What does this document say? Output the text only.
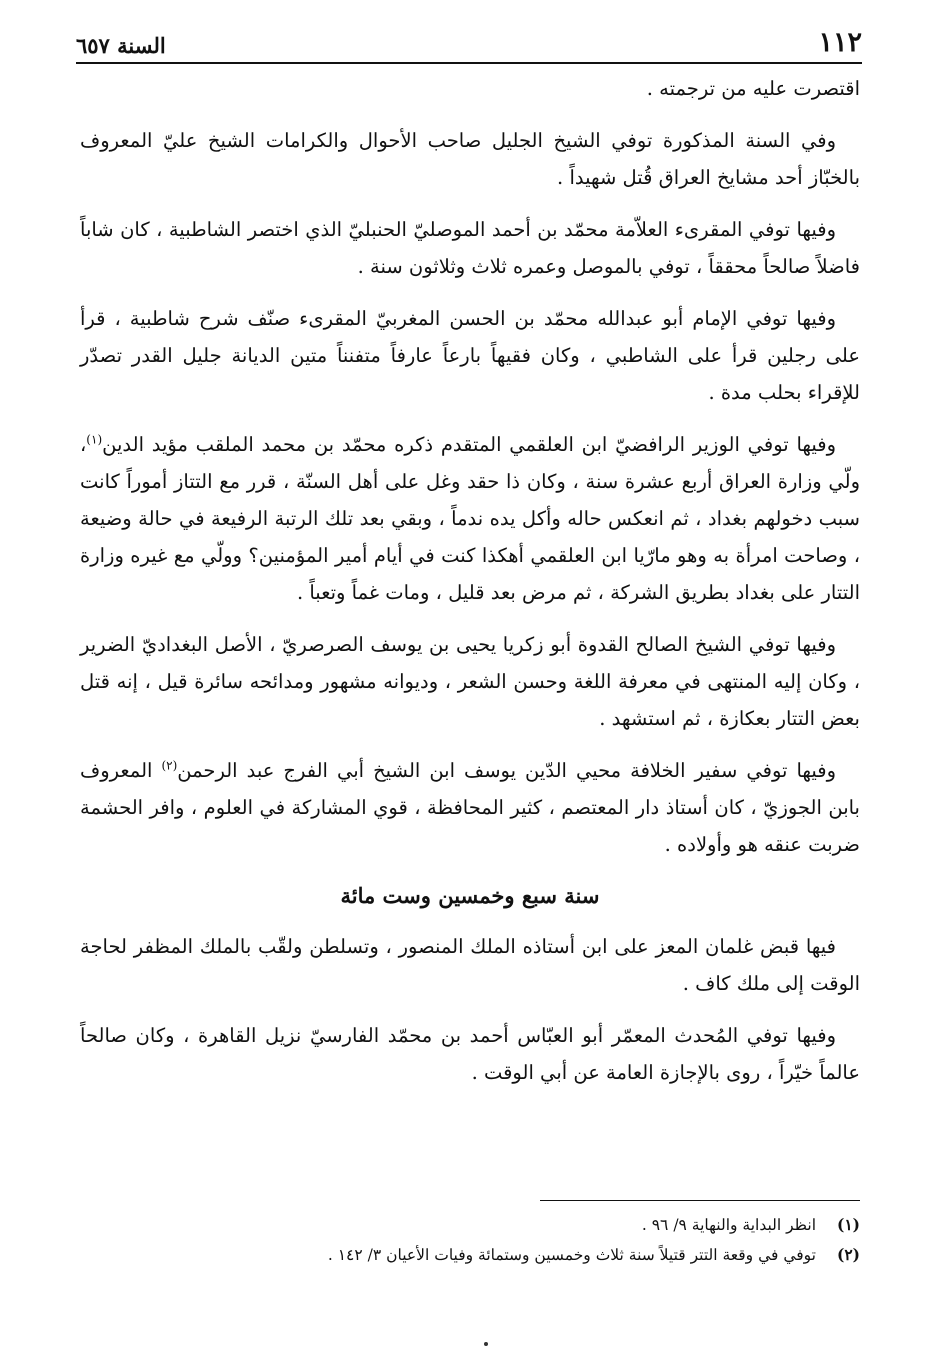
١١٢
السنة ٦٥٧

اقتصرت عليه من ترجمته .

وفي السنة المذكورة توفي الشيخ الجليل صاحب الأحوال والكرامات الشيخ عليّ المعروف بالخبّاز أحد مشايخ العراق قُتل شهيداً .

وفيها توفي المقرىء العلاّمة محمّد بن أحمد الموصليّ الحنبليّ الذي اختصر الشاطبية ، كان شاباً فاضلاً صالحاً محققاً ، توفي بالموصل وعمره ثلاث وثلاثون سنة .

وفيها توفي الإمام أبو عبدالله محمّد بن الحسن المغربيّ المقرىء صنّف شرح شاطبية ، قرأ على رجلين قرأ على الشاطبي ، وكان فقيهاً بارعاً عارفاً متفنناً متين الديانة جليل القدر تصدّر للإقراء بحلب مدة .

وفيها توفي الوزير الرافضيّ ابن العلقمي المتقدم ذكره محمّد بن محمد الملقب مؤيد الدين$^{(١)}$، ولّي وزارة العراق أربع عشرة سنة ، وكان ذا حقد وغل على أهل السنّة ، قرر مع التتاز أموراً كانت سبب دخولهم بغداد ، ثم انعكس حاله وأكل يده ندماً ، وبقي بعد تلك الرتبة الرفيعة في حالة وضيعة ، وصاحت امرأة به وهو مارّيا ابن العلقمي أهكذا كنت في أيام أمير المؤمنين؟ وولّي مع غيره وزارة التتار على بغداد بطريق الشركة ، ثم مرض بعد قليل ، ومات غماً وتعباً .

وفيها توفي الشيخ الصالح القدوة أبو زكريا يحيى بن يوسف الصرصريّ ، الأصل البغداديّ الضرير ، وكان إليه المنتهى في معرفة اللغة وحسن الشعر ، وديوانه مشهور ومدائحه سائرة قيل ، إنه قتل بعض التتار بعكازة ، ثم استشهد .

وفيها توفي سفير الخلافة محيي الدّين يوسف ابن الشيخ أبي الفرج عبد الرحمن$^{(٢)}$ المعروف بابن الجوزيّ ، كان أستاذ دار المعتصم ، كثير المحافظة ، قوي المشاركة في العلوم ، وافر الحشمة ضربت عنقه هو وأولاده .

سنة سبع وخمسين وست مائة

فيها قبض غلمان المعز على ابن أستاذه الملك المنصور ، وتسلطن ولقّب بالملك المظفر لحاجة الوقت إلى ملك كاف .

وفيها توفي المُحدث المعمّر أبو العبّاس أحمد بن محمّد الفارسيّ نزيل القاهرة ، وكان صالحاً عالماً خيّراً ، روى بالإجازة العامة عن أبي الوقت .

(١)
انظر البداية والنهاية ٩/ ٩٦ .
(٢)
توفي في وقعة التتر قتيلاً سنة ثلاث وخمسين وستمائة وفيات الأعيان ٣/ ١٤٢ .
